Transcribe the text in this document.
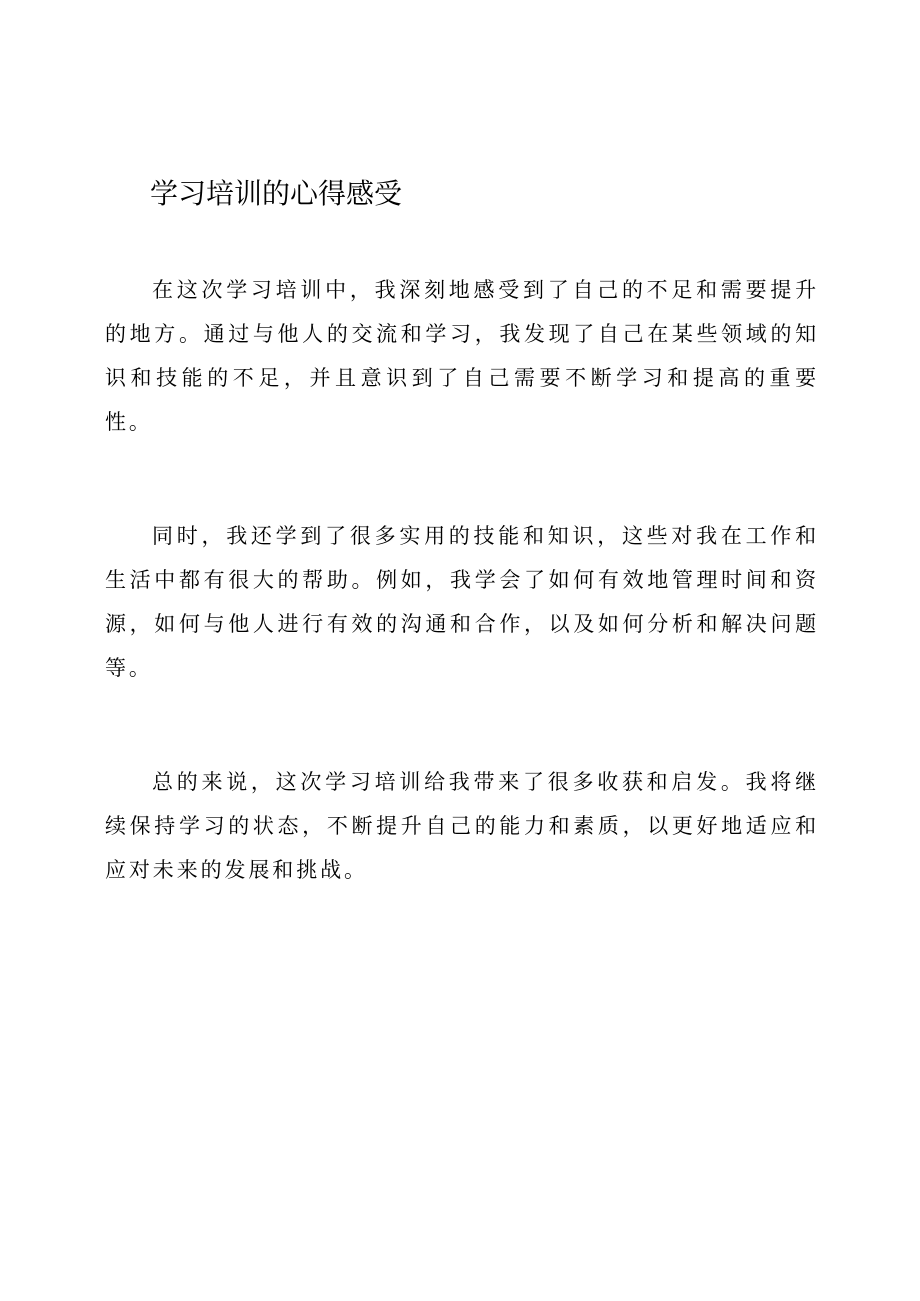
学习培训的心得感受

在这次学习培训中，我深刻地感受到了自己的不足和需要提升的地方。通过与他人的交流和学习，我发现了自己在某些领域的知识和技能的不足，并且意识到了自己需要不断学习和提高的重要性。

同时，我还学到了很多实用的技能和知识，这些对我在工作和生活中都有很大的帮助。例如，我学会了如何有效地管理时间和资源，如何与他人进行有效的沟通和合作，以及如何分析和解决问题等。

总的来说，这次学习培训给我带来了很多收获和启发。我将继续保持学习的状态，不断提升自己的能力和素质，以更好地适应和应对未来的发展和挑战。
